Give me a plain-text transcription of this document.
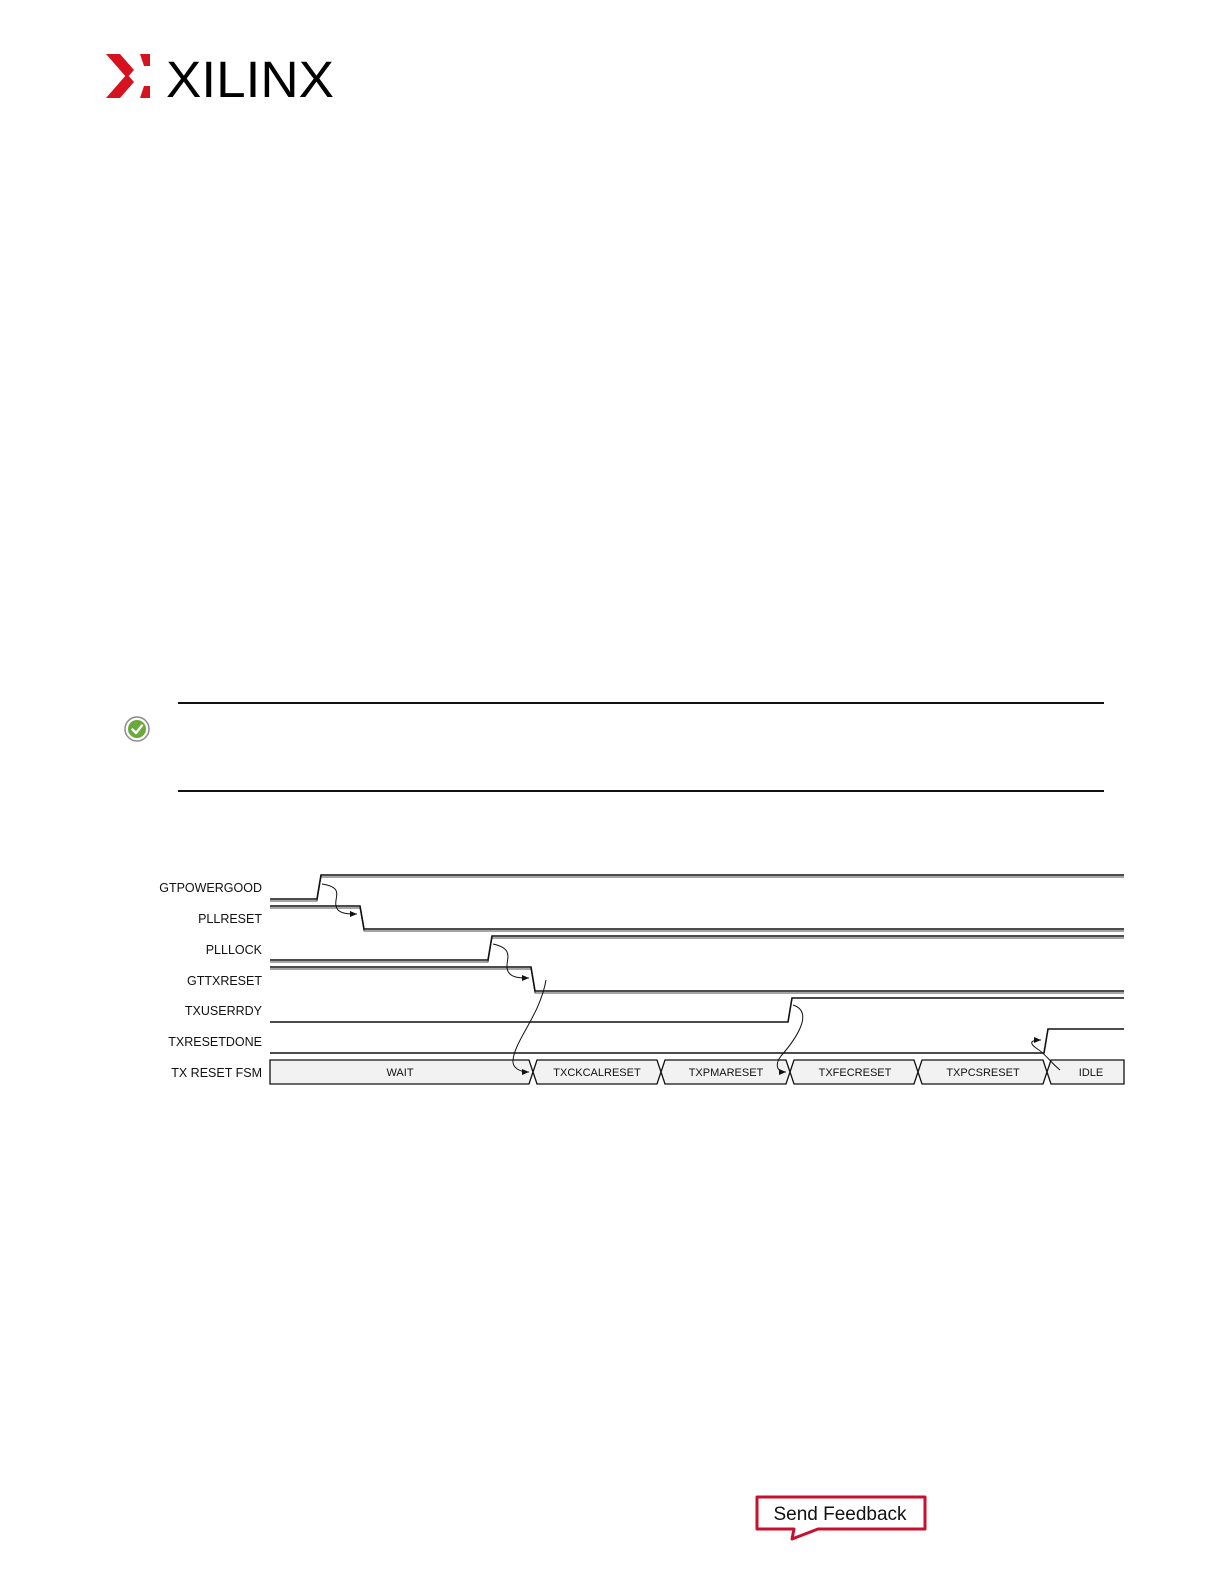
XILINX
GTPOWERGOOD
PLLRESET
PLLLOCK
GTTXRESET
TXUSERRDY
TXRESETDONE
TX RESET FSM	WAIT	TXCKCALRESET	TXPMARESET	TXFECRESET	TXPCSRESET	IDLE
Send Feedback
